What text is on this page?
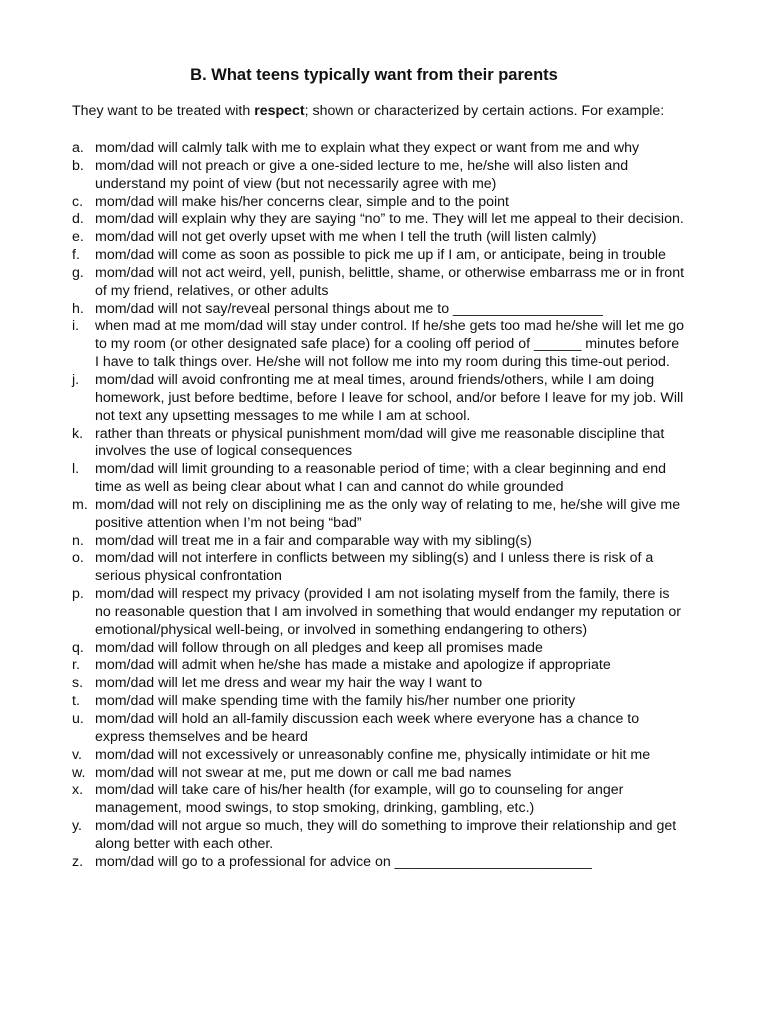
B. What teens typically want from their parents

They want to be treated with respect; shown or characterized by certain actions. For example:

a. mom/dad will calmly talk with me to explain what they expect or want from me and why
b. mom/dad will not preach or give a one-sided lecture to me, he/she will also listen and
understand my point of view (but not necessarily agree with me)
c. mom/dad will make his/her concerns clear, simple and to the point
d. mom/dad will explain why they are saying “no” to me. They will let me appeal to their decision.
e. mom/dad will not get overly upset with me when I tell the truth (will listen calmly)
f.	mom/dad will come as soon as possible to pick me up if I am, or anticipate, being in trouble
g. mom/dad will not act weird, yell, punish, belittle, shame, or otherwise embarrass me or in front
of my friend, relatives, or other adults
h. mom/dad will not say/reveal personal things about me to ___________________
i.	when mad at me mom/dad will stay under control. If he/she gets too mad he/she will let me go
to my room (or other designated safe place) for a cooling off period of ______ minutes before
I have to talk things over. He/she will not follow me into my room during this time-out period.
j.	mom/dad will avoid confronting me at meal times, around friends/others, while I am doing
homework, just before bedtime, before I leave for school, and/or before I leave for my job. Will
not text any upsetting messages to me while I am at school.
k. rather than threats or physical punishment mom/dad will give me reasonable discipline that
involves the use of logical consequences
l.	mom/dad will limit grounding to a reasonable period of time; with a clear beginning and end
time as well as being clear about what I can and cannot do while grounded
m. mom/dad will not rely on disciplining me as the only way of relating to me, he/she will give me
positive attention when I’m not being “bad”
n. mom/dad will treat me in a fair and comparable way with my sibling(s)
o. mom/dad will not interfere in conflicts between my sibling(s) and I unless there is risk of a
serious physical confrontation
p. mom/dad will respect my privacy (provided I am not isolating myself from the family, there is
no reasonable question that I am involved in something that would endanger my reputation or
emotional/physical well-being, or involved in something endangering to others)
q. mom/dad will follow through on all pledges and keep all promises made
r.	mom/dad will admit when he/she has made a mistake and apologize if appropriate
s. mom/dad will let me dress and wear my hair the way I want to
t.	mom/dad will make spending time with the family his/her number one priority
u. mom/dad will hold an all-family discussion each week where everyone has a chance to
express themselves and be heard
v. mom/dad will not excessively or unreasonably confine me, physically intimidate or hit me
w. mom/dad will not swear at me, put me down or call me bad names
x. mom/dad will take care of his/her health (for example, will go to counseling for anger
management, mood swings, to stop smoking, drinking, gambling, etc.)
y. mom/dad will not argue so much, they will do something to improve their relationship and get
along better with each other.
z. mom/dad will go to a professional for advice on _________________________
